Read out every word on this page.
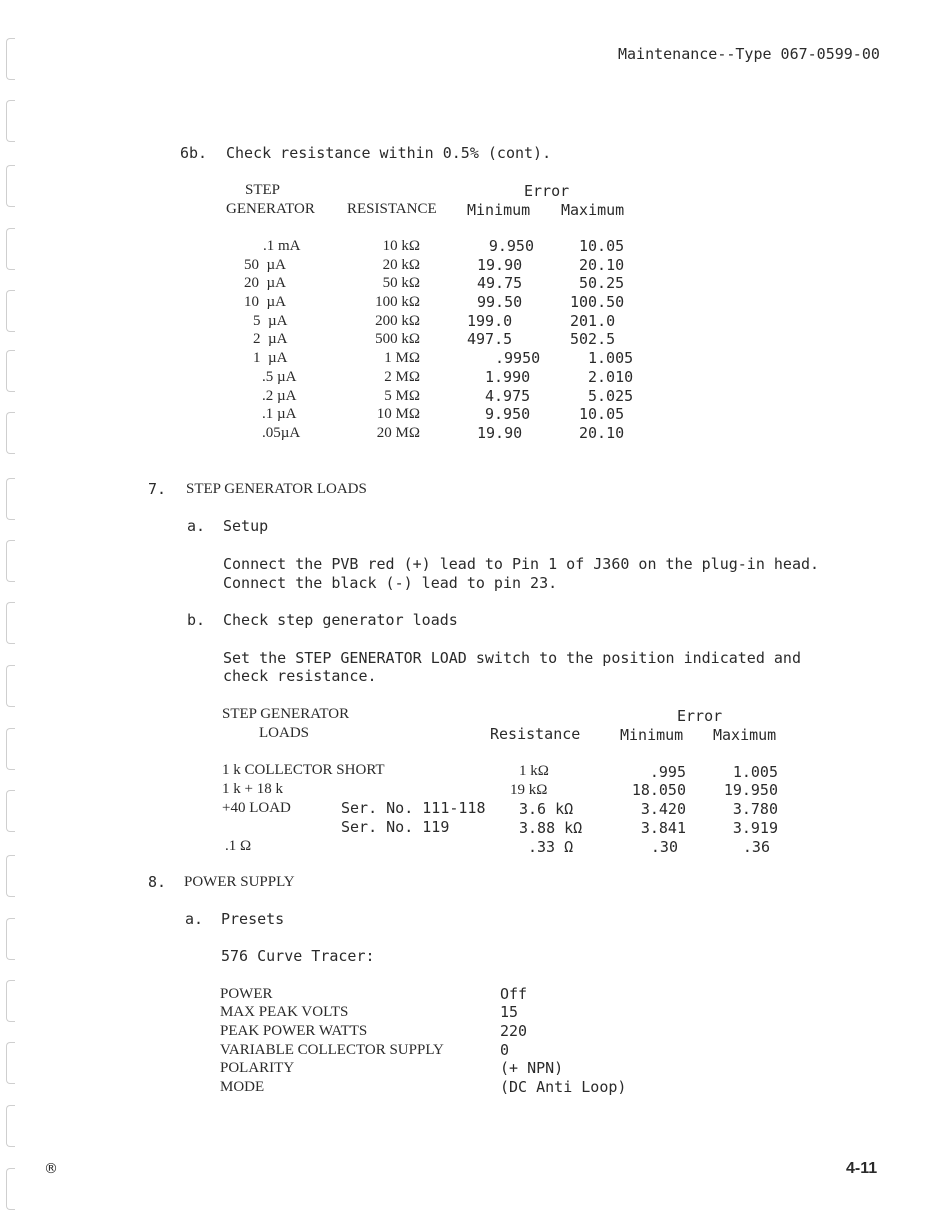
Maintenance--Type 067-0599-00
6b. Check resistance within 0.5% (cont).
STEP
GENERATOR RESISTANCE
Error
Minimum Maximum
.1 mA	10 kΩ	9.950	10.05
50  µA	20 kΩ	19.90	20.10
20  µA	50 kΩ	49.75	50.25
10  µA	100 kΩ	99.50	100.50
5  µA	200 kΩ	199.0	201.0
2  µA	500 kΩ	497.5	502.5
1  µA	1 MΩ	.9950	1.005
.5 µA	2 MΩ	1.990	2.010
.2 µA	5 MΩ	4.975	5.025
.1 µA	10 MΩ	9.950	10.05
.05µA	20 MΩ	19.90	20.10
7. STEP GENERATOR LOADS
a. Setup
Connect the PVB red (+) lead to Pin 1 of J360 on the plug-in head.
Connect the black (-) lead to pin 23.
b. Check step generator loads
Set the STEP GENERATOR LOAD switch to the position indicated and
check resistance.
STEP GENERATOR
LOADS	Resistance
Error
Minimum Maximum
1 k COLLECTOR SHORT	1 kΩ	.995	1.005
1 k + 18 k	19 kΩ	18.050	19.950
+40 LOAD	Ser. No. 111-118 3.6 kΩ	3.420	3.780
Ser. No. 119	3.88 kΩ	3.841	3.919
.1 Ω	.33 Ω	.30	.36
8. POWER SUPPLY
a. Presets
576 Curve Tracer:
POWER	Off
MAX PEAK VOLTS	15
PEAK POWER WATTS	220
VARIABLE COLLECTOR SUPPLY	0
POLARITY	(+ NPN)
MODE	(DC Anti Loop)
®	4-11
